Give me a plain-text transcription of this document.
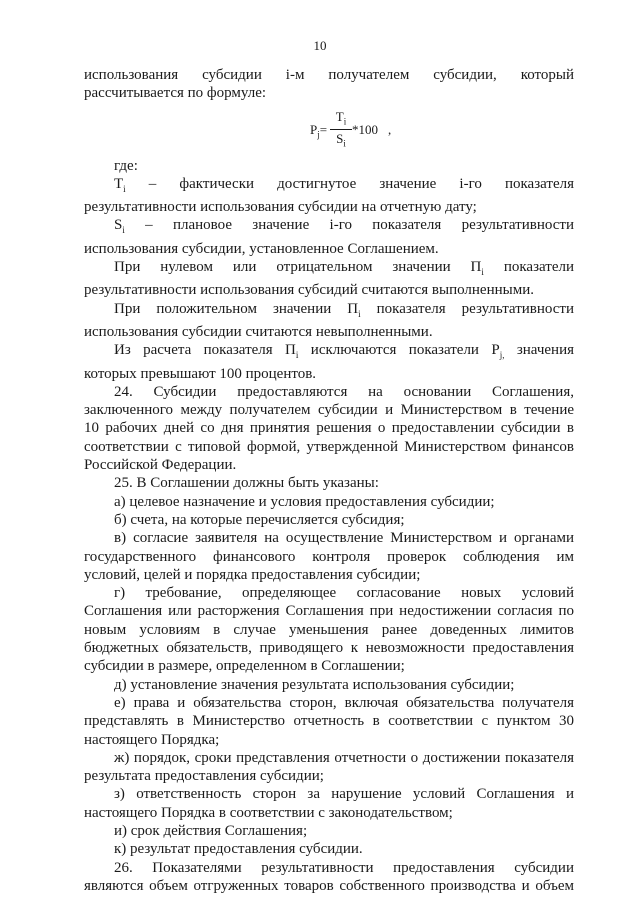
10
использования субсидии i-м получателем субсидии, который
рассчитывается по формуле:
$P_j= \frac{T_i}{S_i} *100$ ,
где:
$T_i$ – фактически достигнутое значение i-го показателя
результативности использования субсидии на отчетную дату;
$S_i$ – плановое значение i-го показателя результативности
использования субсидии, установленное Соглашением.
При нулевом или отрицательном значении $П_i$ показатели
результативности использования субсидий считаются выполненными.
При положительном значении $П_i$ показателя результативности
использования субсидии считаются невыполненными.
Из расчета показателя $П_i$ исключаются показатели $P_{j,}$ значения
которых превышают 100 процентов.
24. Субсидии предоставляются на основании Соглашения,
заключенного между получателем субсидии и Министерством в течение
10 рабочих дней со дня принятия решения о предоставлении субсидии в
соответствии с типовой формой, утвержденной Министерством финансов
Российской Федерации.
25. В Соглашении должны быть указаны:
а) целевое назначение и условия предоставления субсидии;
б) счета, на которые перечисляется субсидия;
в) согласие заявителя на осуществление Министерством и органами
государственного финансового контроля проверок соблюдения им
условий, целей и порядка предоставления субсидии;
г) требование, определяющее согласование новых условий
Соглашения или расторжения Соглашения при недостижении согласия по
новым условиям в случае уменьшения ранее доведенных лимитов
бюджетных обязательств, приводящего к невозможности предоставления
субсидии в размере, определенном в Соглашении;
д) установление значения результата использования субсидии;
е) права и обязательства сторон, включая обязательства получателя
представлять в Министерство отчетность в соответствии с пунктом 30
настоящего Порядка;
ж) порядок, сроки представления отчетности о достижении показателя
результата предоставления субсидии;
з) ответственность сторон за нарушение условий Соглашения и
настоящего Порядка в соответствии с законодательством;
и) срок действия Соглашения;
к) результат предоставления субсидии.
26. Показателями результативности предоставления субсидии
являются объем отгруженных товаров собственного производства и объем
